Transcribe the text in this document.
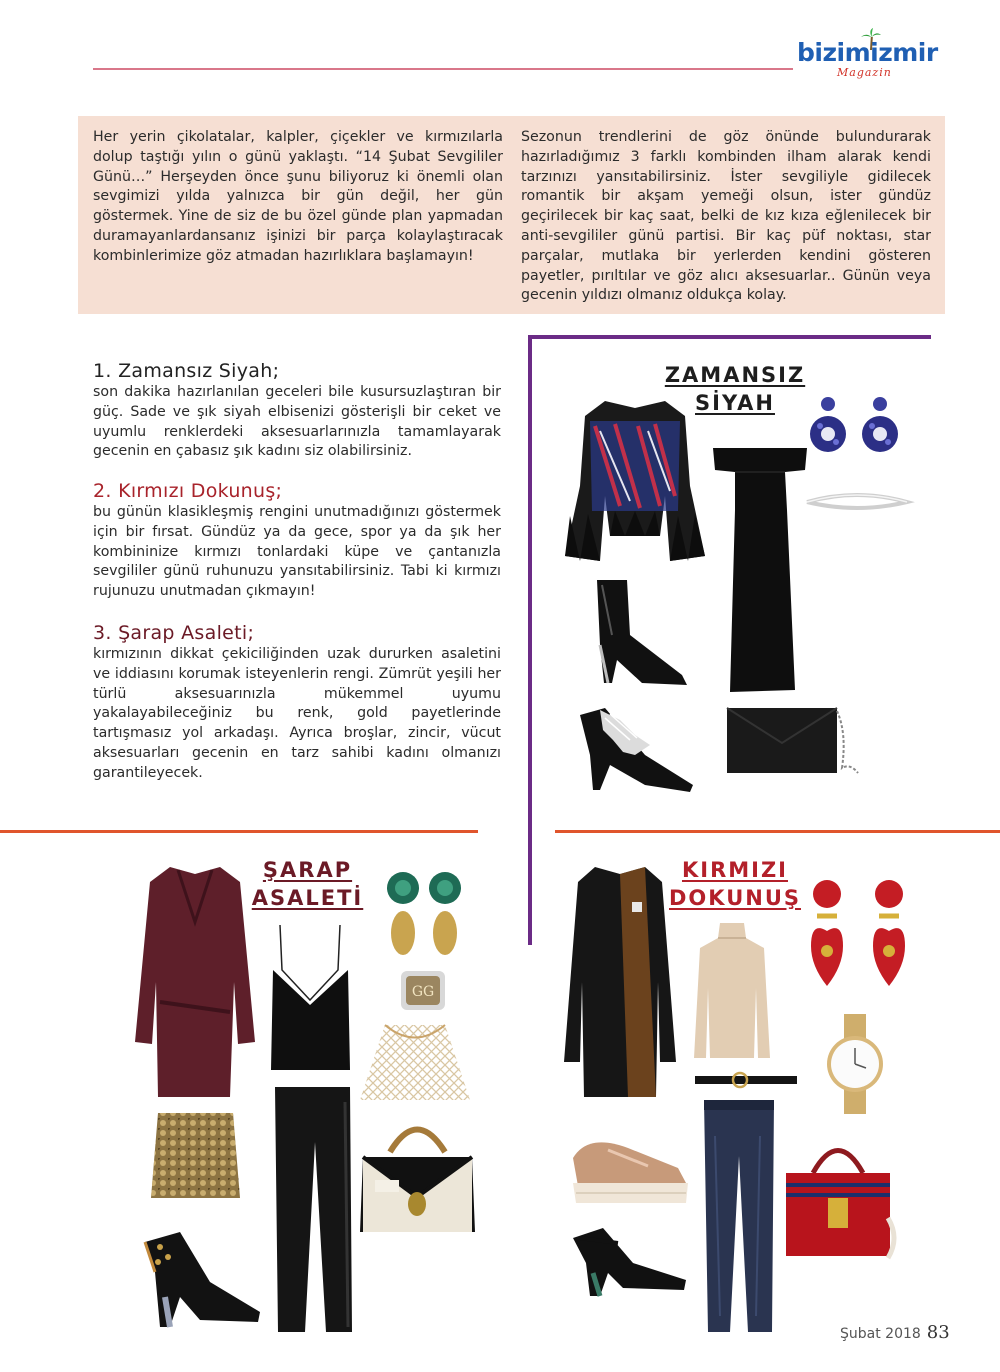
bizimizmir
Magazin
Her yerin çikolatalar, kalpler, çiçekler ve kırmızılarla dolup taştığı yılın o günü yaklaştı. “14 Şubat Sevgililer Günü…” Herşeyden önce şunu biliyoruz ki önemli olan sevgimizi yılda yalnızca bir gün değil, her gün göstermek. Yine de siz de bu özel günde plan yapmadan duramayanlardansanız işinizi bir parça kolaylaştıracak kombinlerimize göz atmadan hazırlıklara başlamayın!
Sezonun trendlerini de göz önünde bulundurarak hazırladığımız 3 farklı kombinden ilham alarak kendi tarzınızı yansıtabilirsiniz. İster sevgiliyle gidilecek romantik bir akşam yemeği olsun, ister gündüz geçirilecek bir kaç saat, belki de kız kıza eğlenilecek bir anti-sevgililer günü partisi. Bir kaç püf noktası, star parçalar, mutlaka bir yerlerden kendini gösteren payetler, pırıltılar ve göz alıcı aksesuarlar.. Günün veya gecenin yıldızı olmanız oldukça kolay.
1. Zamansız Siyah;
son dakika hazırlanılan geceleri bile kusursuzlaştıran bir güç. Sade ve şık siyah elbisenizi gösterişli bir ceket ve uyumlu renklerdeki aksesuarlarınızla tamamlayarak gecenin en çabasız şık kadını siz olabilirsiniz.
2. Kırmızı Dokunuş;
bu günün klasikleşmiş rengini unutmadığınızı göstermek için bir fırsat. Gündüz ya da gece, spor ya da şık her kombininize kırmızı tonlardaki küpe ve çantanızla sevgililer günü ruhunuzu yansıtabilirsiniz. Tabi ki kırmızı rujunuzu unutmadan çıkmayın!
3. Şarap Asaleti;
kırmızının dikkat çekiciliğinden uzak dururken asaletini ve iddiasını korumak isteyenlerin rengi. Zümrüt yeşili her türlü aksesuarınızla mükemmel uyumu yakalayabileceğiniz bu renk, gold payetlerinde tartışmasız yol arkadaşı. Ayrıca broşlar, zincir, vücut aksesuarları gecenin en tarz sahibi kadını olmanızı garantileyecek.
ZAMANSIZ
SİYAH
ŞARAP
ASALETİ
KIRMIZI
DOKUNUŞ
GG
Şubat 2018 83
